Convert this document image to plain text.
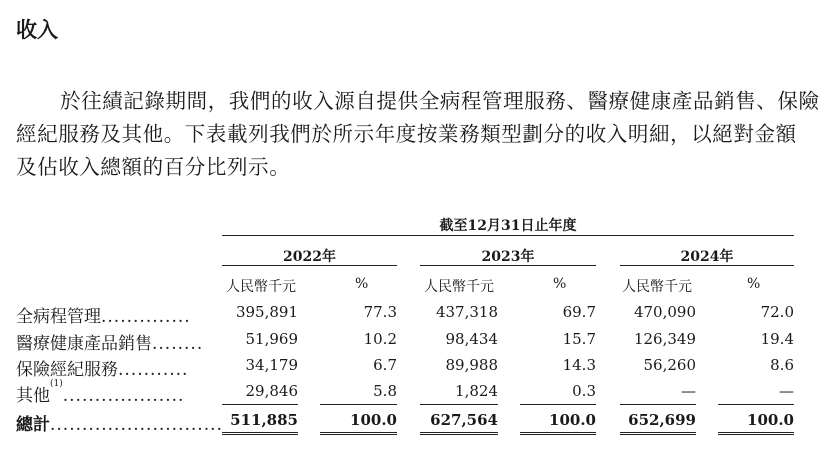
收入
於往績記錄期間，我們的收入源自提供全病程管理服務、醫療健康產品銷售、保險
經紀服務及其他。下表載列我們於所示年度按業務類型劃分的收入明細，以絕對金額
及佔收入總額的百分比列示。
截至12月31日止年度
2022年	2023年	2024年
人民幣千元	%	人民幣千元	%	人民幣千元	%
全病程管理..............	395,891	77.3	437,318	69.7	470,090	72.0
醫療健康產品銷售........	51,969	10.2	98,434	15.7	126,349	19.4
保險經紀服務...........	34,179	6.7	89,988	14.3	56,260	8.6
其他$^{(1)}$...................	29,846	5.8	1,824	0.3	—	—
總計........................... 511,885	100.0	627,564	100.0	652,699	100.0
